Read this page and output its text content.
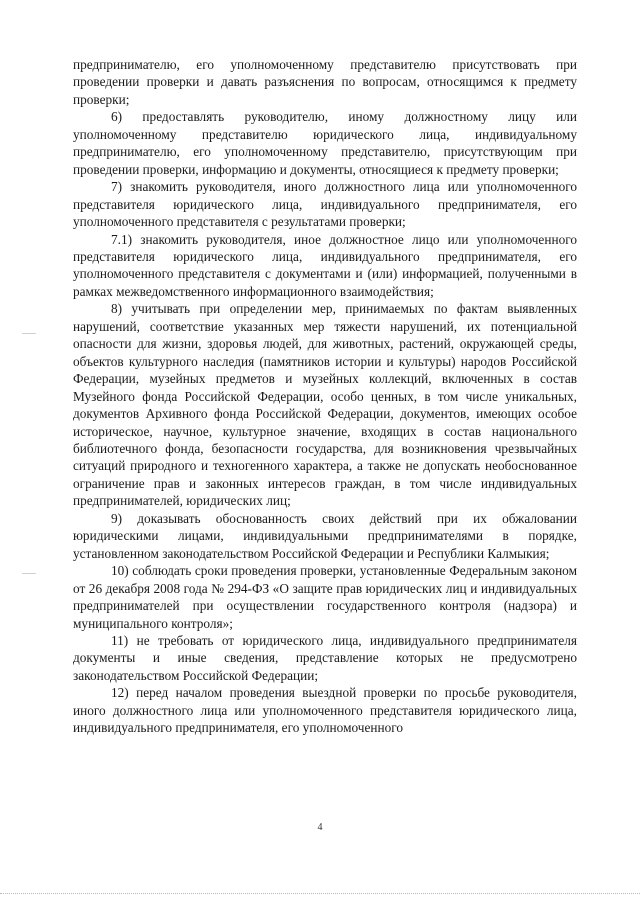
предпринимателю, его уполномоченному представителю присутствовать при проведении проверки и давать разъяснения по вопросам, относящимся к предмету проверки;

6) предоставлять руководителю, иному должностному лицу или уполномоченному представителю юридического лица, индивидуальному предпринимателю, его уполномоченному представителю, присутствующим при проведении проверки, информацию и документы, относящиеся к предмету проверки;

7) знакомить руководителя, иного должностного лица или уполномоченного представителя юридического лица, индивидуального предпринимателя, его уполномоченного представителя с результатами проверки;

7.1) знакомить руководителя, иное должностное лицо или уполномоченного представителя юридического лица, индивидуального предпринимателя, его уполномоченного представителя с документами и (или) информацией, полученными в рамках межведомственного информационного взаимодействия;

8) учитывать при определении мер, принимаемых по фактам выявленных нарушений, соответствие указанных мер тяжести нарушений, их потенциальной опасности для жизни, здоровья людей, для животных, растений, окружающей среды, объектов культурного наследия (памятников истории и культуры) народов Российской Федерации, музейных предметов и музейных коллекций, включенных в состав Музейного фонда Российской Федерации, особо ценных, в том числе уникальных, документов Архивного фонда Российской Федерации, документов, имеющих особое историческое, научное, культурное значение, входящих в состав национального библиотечного фонда, безопасности государства, для возникновения чрезвычайных ситуаций природного и техногенного характера, а также не допускать необоснованное ограничение прав и законных интересов граждан, в том числе индивидуальных предпринимателей, юридических лиц;

9) доказывать обоснованность своих действий при их обжаловании юридическими лицами, индивидуальными предпринимателями в порядке, установленном законодательством Российской Федерации и Республики Калмыкия;

10) соблюдать сроки проведения проверки, установленные Федеральным законом от 26 декабря 2008 года № 294-ФЗ «О защите прав юридических лиц и индивидуальных предпринимателей при осуществлении государственного контроля (надзора) и муниципального контроля»;

11) не требовать от юридического лица, индивидуального предпринимателя документы и иные сведения, представление которых не предусмотрено законодательством Российской Федерации;

12) перед началом проведения выездной проверки по просьбе руководителя, иного должностного лица или уполномоченного представителя юридического лица, индивидуального предпринимателя, его уполномоченного

4
